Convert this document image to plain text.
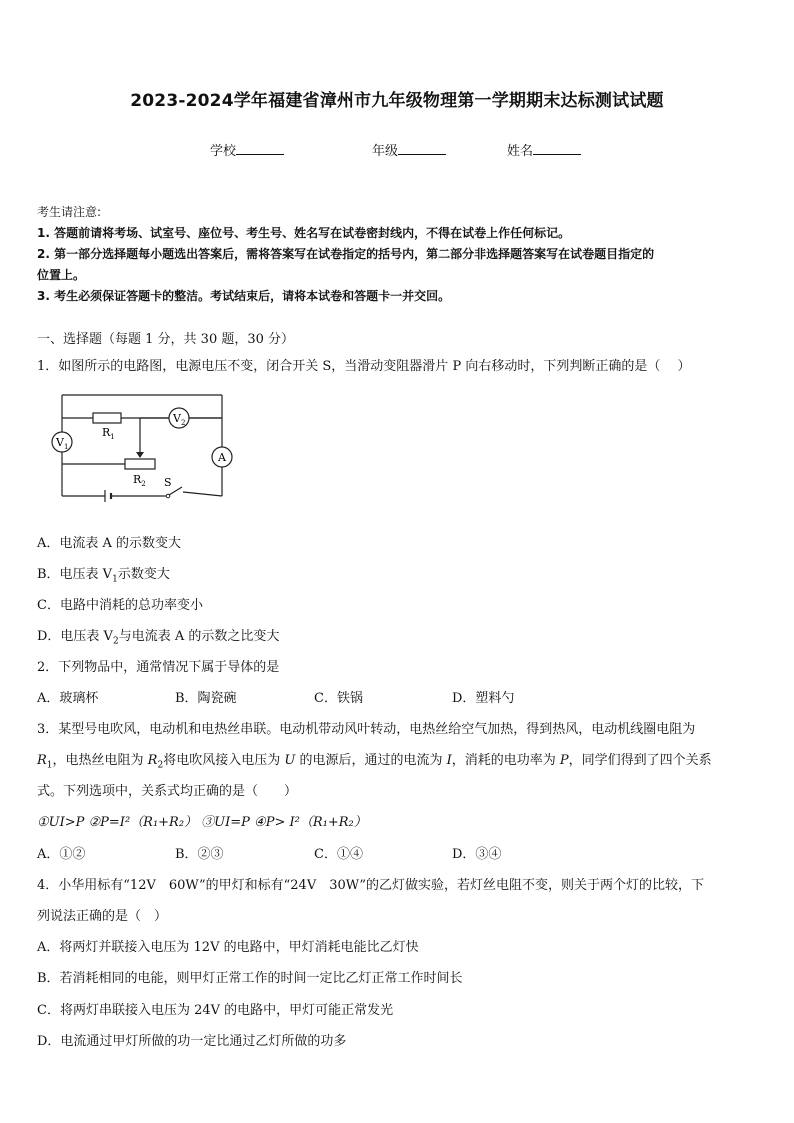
2023-2024学年福建省漳州市九年级物理第一学期期末达标测试试题
学校	年级	姓名
考生请注意:
1. 答题前请将考场、试室号、座位号、考生号、姓名写在试卷密封线内，不得在试卷上作任何标记。
2. 第一部分选择题每小题选出答案后，需将答案写在试卷指定的括号内，第二部分非选择题答案写在试卷题目指定的
位置上。
3. 考生必须保证答题卡的整洁。考试结束后，请将本试卷和答题卡一并交回。
一、选择题（每题 1 分，共 30 题，30 分）
1．如图所示的电路图，电源电压不变，闭合开关 S，当滑动变阻器滑片 P 向右移动时，下列判断正确的是（　 ）
$V_1$
$V_2$
A
$R_1$
$R_2$ S
A．电流表 A 的示数变大
B．电压表 $V_1$示数变大
C．电路中消耗的总功率变小
D．电压表 $V_2$与电流表 A 的示数之比变大
2．下列物品中，通常情况下属于导体的是
A．玻璃杯	B．陶瓷碗	C．铁锅	D．塑料勺
3．某型号电吹风，电动机和电热丝串联。电动机带动风叶转动，电热丝给空气加热，得到热风，电动机线圈电阻为
$R_1$，电热丝电阻为 $R_2$将电吹风接入电压为 U 的电源后，通过的电流为 I，消耗的电功率为 P，同学们得到了四个关系
式。下列选项中，关系式均正确的是（　　）
①UI>P ②P=I²（R₁+R₂） ③UI=P ④P> I²（R₁+R₂）
A．①②	B．②③	C．①④	D．③④
4．小华用标有“12V　60W”的甲灯和标有“24V　30W”的乙灯做实验，若灯丝电阻不变，则关于两个灯的比较，下
列说法正确的是（　）
A．将两灯并联接入电压为 12V 的电路中，甲灯消耗电能比乙灯快
B．若消耗相同的电能，则甲灯正常工作的时间一定比乙灯正常工作时间长
C．将两灯串联接入电压为 24V 的电路中，甲灯可能正常发光
D．电流通过甲灯所做的功一定比通过乙灯所做的功多
